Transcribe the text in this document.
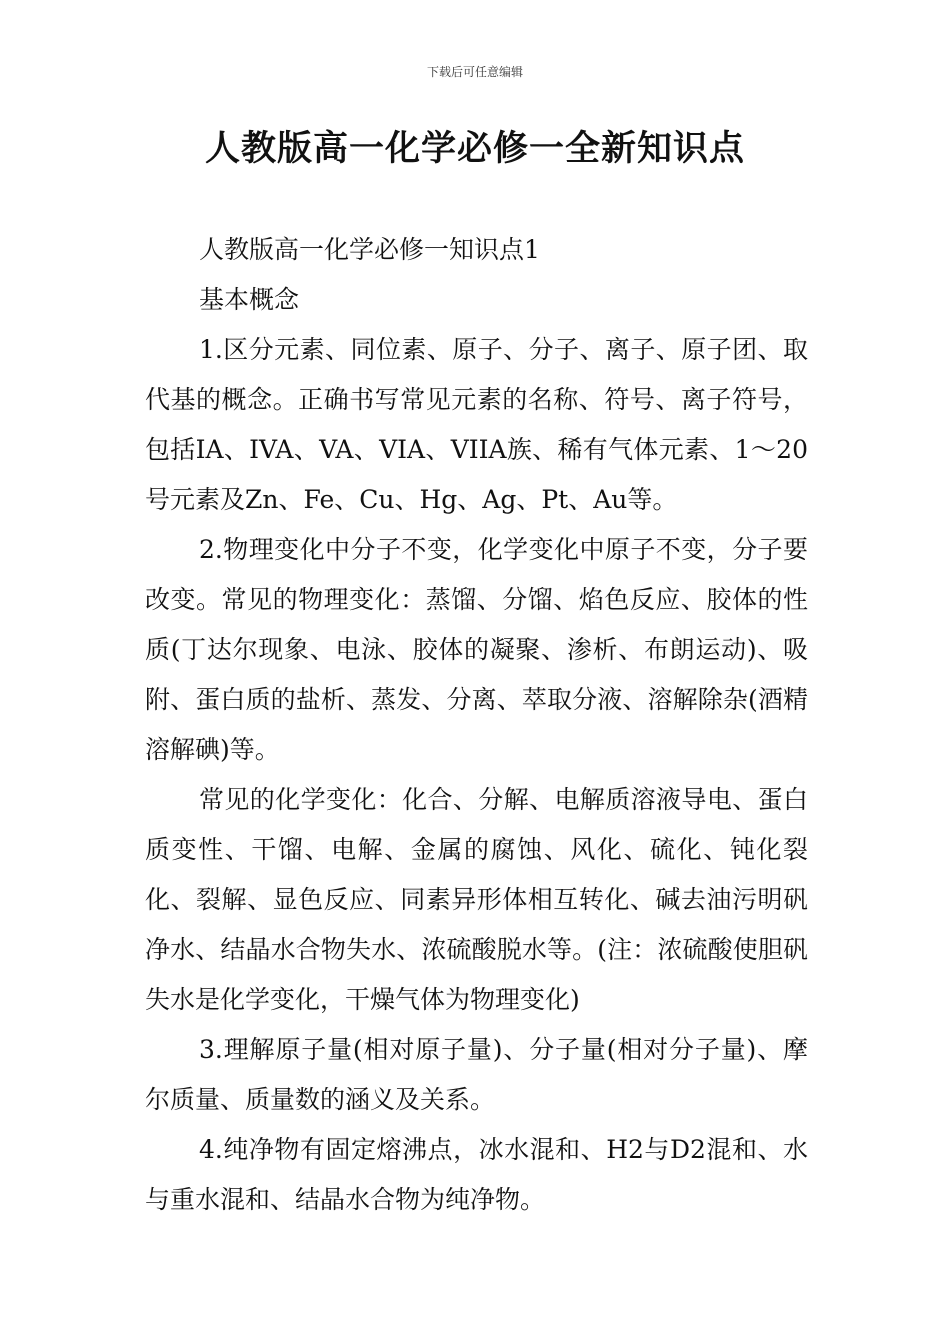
下载后可任意编辑
人教版高一化学必修一全新知识点

人教版高一化学必修一知识点1

基本概念

1.区分元素、同位素、原子、分子、离子、原子团、取代基的概念。正确书写常见元素的名称、符号、离子符号，包括IA、IVA、VA、VIA、VIIA族、稀有气体元素、1～20号元素及Zn、Fe、Cu、Hg、Ag、Pt、Au等。

2.物理变化中分子不变，化学变化中原子不变，分子要改变。常见的物理变化：蒸馏、分馏、焰色反应、胶体的性质(丁达尔现象、电泳、胶体的凝聚、渗析、布朗运动)、吸附、蛋白质的盐析、蒸发、分离、萃取分液、溶解除杂(酒精溶解碘)等。

常见的化学变化：化合、分解、电解质溶液导电、蛋白质变性、干馏、电解、金属的腐蚀、风化、硫化、钝化裂化、裂解、显色反应、同素异形体相互转化、碱去油污明矾净水、结晶水合物失水、浓硫酸脱水等。(注：浓硫酸使胆矾失水是化学变化，干燥气体为物理变化)

3.理解原子量(相对原子量)、分子量(相对分子量)、摩尔质量、质量数的涵义及关系。

4.纯净物有固定熔沸点，冰水混和、H2与D2混和、水与重水混和、结晶水合物为纯净物。
